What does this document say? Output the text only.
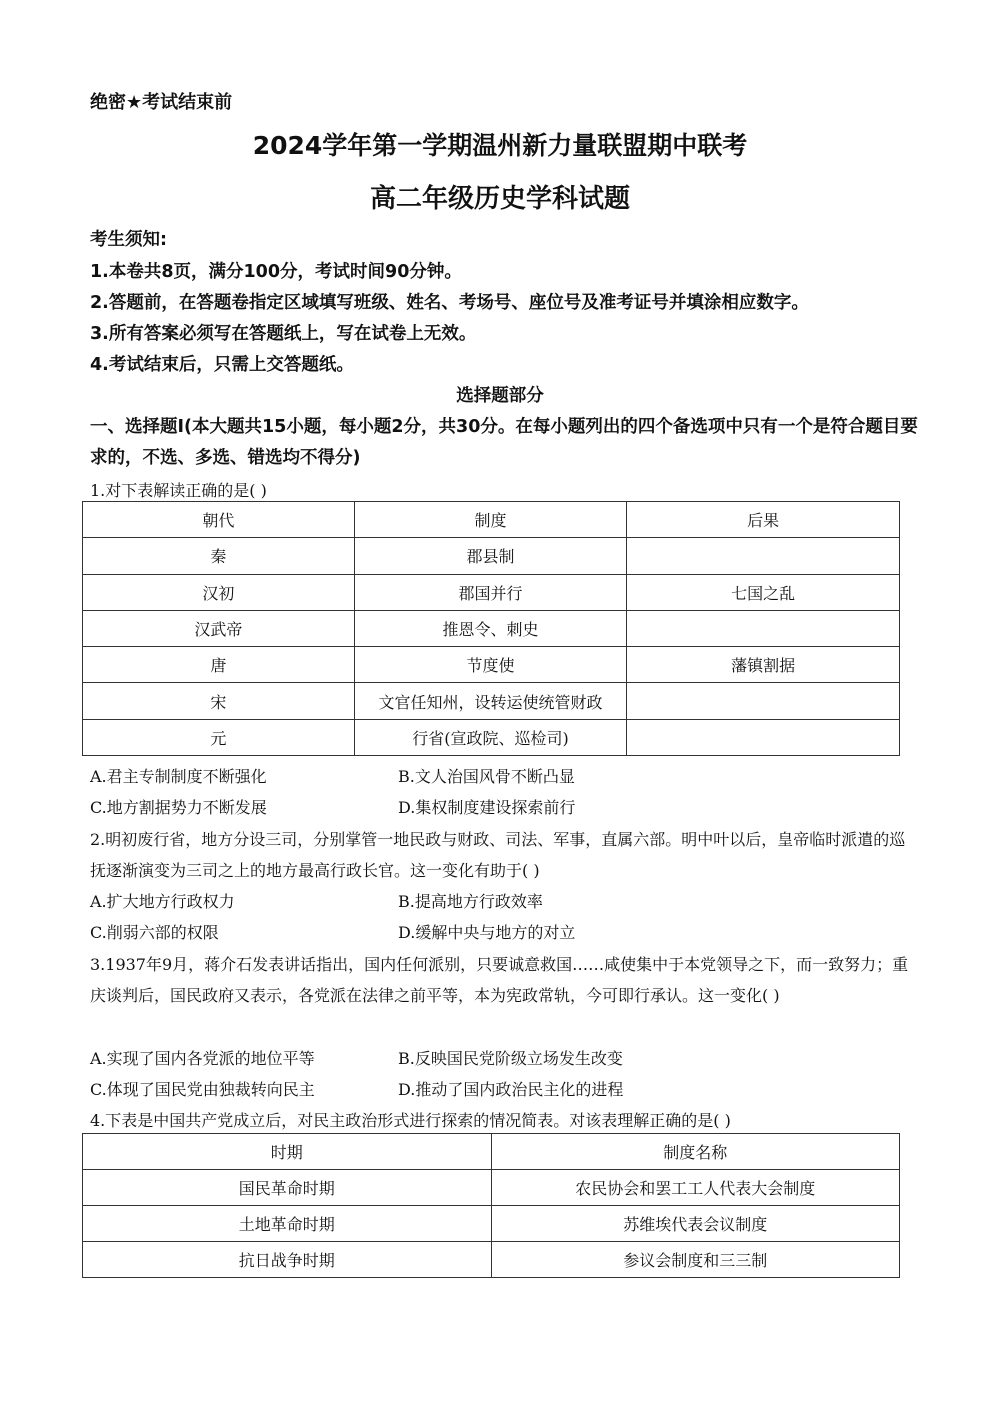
绝密★考试结束前
2024学年第一学期温州新力量联盟期中联考
高二年级历史学科试题
考生须知:
1.本卷共8页，满分100分，考试时间90分钟。
2.答题前，在答题卷指定区域填写班级、姓名、考场号、座位号及准考证号并填涂相应数字。
3.所有答案必须写在答题纸上，写在试卷上无效。
4.考试结束后，只需上交答题纸。
选择题部分
一、选择题Ⅰ(本大题共15小题，每小题2分，共30分。在每小题列出的四个备选项中只有一个是符合题目要求的，不选、多选、错选均不得分)
1.对下表解读正确的是( )
朝代	制度	后果
秦	郡县制	
汉初	郡国并行	七国之乱
汉武帝	推恩令、刺史	
唐	节度使	藩镇割据
宋	文官任知州，设转运使统管财政	
元	行省(宣政院、巡检司)	
A.君主专制制度不断强化	B.文人治国风骨不断凸显
C.地方割据势力不断发展	D.集权制度建设探索前行
2.明初废行省，地方分设三司，分别掌管一地民政与财政、司法、军事，直属六部。明中叶以后，皇帝临时派遣的巡抚逐渐演变为三司之上的地方最高行政长官。这一变化有助于( )
A.扩大地方行政权力	B.提高地方行政效率
C.削弱六部的权限	D.缓解中央与地方的对立
3.1937年9月，蒋介石发表讲话指出，国内任何派别，只要诚意救国……咸使集中于本党领导之下，而一致努力；重庆谈判后，国民政府又表示，各党派在法律之前平等，本为宪政常轨，今可即行承认。这一变化( )
A.实现了国内各党派的地位平等	B.反映国民党阶级立场发生改变
C.体现了国民党由独裁转向民主	D.推动了国内政治民主化的进程
4.下表是中国共产党成立后，对民主政治形式进行探索的情况简表。对该表理解正确的是( )
时期	制度名称
国民革命时期	农民协会和罢工工人代表大会制度
土地革命时期	苏维埃代表会议制度
抗日战争时期	参议会制度和三三制
